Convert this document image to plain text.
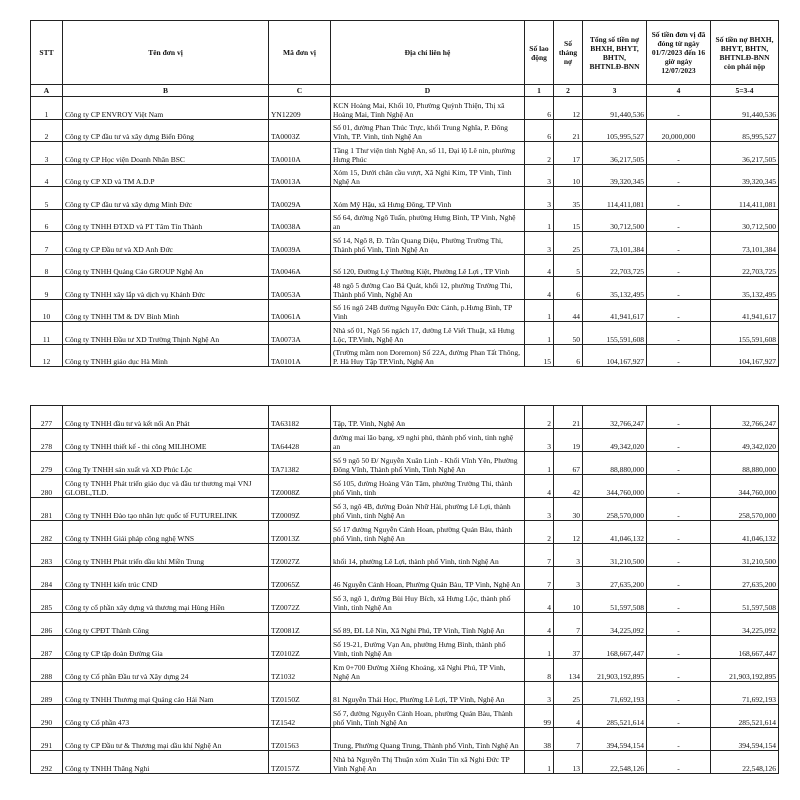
STT	Tên đơn vị	Mã đơn vị	Địa chỉ liên hệ	Số lao động	Số tháng nợ	Tổng số tiền nợ BHXH, BHYT, BHTN, BHTNLĐ-BNN	Số tiền đơn vị đã đóng từ ngày 01/7/2023 đến 16 giờ ngày 12/07/2023	Số tiền nợ BHXH, BHYT, BHTN, BHTNLĐ-BNN còn phải nộp
A	B	C	D	1	2	3	4	5=3-4
1	Công ty CP ENVROY Việt Nam	YN12209	KCN Hoàng Mai, Khối 10, Phường Quỳnh Thiện, Thị xã Hoàng Mai, Tỉnh Nghệ An	6	12	91,440,536	-	91,440,536
2	Công ty CP đầu tư và xây dựng Biển Đông	TA0003Z	Số 01, đường Phan Thúc Trực, khối Trung Nghĩa, P. Đông Vĩnh, TP. Vinh, tỉnh Nghệ An	6	21	105,995,527	20,000,000	85,995,527
3	Công ty CP Học viện Doanh Nhân BSC	TA0010A	Tầng 1 Thư viện tỉnh Nghệ An, số 11, Đại lộ Lê nin, phường Hưng Phúc	2	17	36,217,505	-	36,217,505
4	Công ty CP XD và TM A.D.P	TA0013A	Xóm 15, Dưới chân cầu vượt, Xã Nghi Kim, TP Vinh, Tỉnh Nghệ An	3	10	39,320,345	-	39,320,345
5	Công ty CP đầu tư và xây dựng Minh Đức	TA0029A	Xóm Mỹ Hậu, xã Hưng Đông, TP Vinh	3	35	114,411,081	-	114,411,081
6	Công ty TNHH ĐTXD và PT Tâm Tín Thành	TA0038A	Số 64, đường Ngô Tuấn, phường Hưng Bình, TP Vinh, Nghệ an	1	15	30,712,500	-	30,712,500
7	Công ty CP Đầu tư và XD Anh Đức	TA0039A	Số 14, Ngõ 8, Đ. Trần Quang Diệu, Phường Trường Thi, Thành phố Vinh, Tỉnh Nghệ An	3	25	73,101,384	-	73,101,384
8	Công ty TNHH Quảng Cáo GROUP Nghệ An	TA0046A	Số 120, Đường Lý Thường Kiệt, Phường Lê Lợi , TP Vinh	4	5	22,703,725	-	22,703,725
9	Công ty TNHH xây lắp và dịch vụ Khánh Đức	TA0053A	48 ngõ 5 đường Cao Bá Quát, khối 12, phường Trường Thi, Thành phố Vinh, Nghệ An	4	6	35,132,495	-	35,132,495
10	Công ty TNHH TM & DV Bình Minh	TA0061A	Số 16 ngõ 24B đường Nguyễn Đức Cảnh, p.Hưng Bình, TP Vinh	1	44	41,941,617	-	41,941,617
11	Công ty TNHH Đầu tư XD Trường Thịnh Nghệ An	TA0073A	Nhà số 01, Ngõ 56 ngách 17, đường Lê Viết Thuật, xã Hưng Lộc, TP.Vinh, Nghệ An	1	50	155,591,608	-	155,591,608
12	Công ty TNHH giáo dục Hà Minh	TA0101A	(Trường mầm non Doremon) Số 22A, đường Phan Tất Thông, P. Hà Huy Tập TP.Vinh, Nghệ An	15	6	104,167,927	-	104,167,927
277	Công ty TNHH đầu tư và kết nối An Phát	TA63182	Tập, TP. Vinh, Nghệ An	2	21	32,766,247	-	32,766,247
278	Công ty TNHH thiết kế - thi công MILIHOME	TA64428	đường mai lão bạng, x9 nghi phú, thành phố vinh, tỉnh nghệ an	3	19	49,342,020	-	49,342,020
279	Công Ty TNHH sản xuất và XD Phúc Lộc	TA71382	Số 9 ngõ 50 Đ/ Nguyễn Xuân Linh - Khối Vĩnh Yên, Phường Đông Vĩnh, Thành phố Vinh, Tỉnh Nghệ An	1	67	88,880,000	-	88,880,000
280	Công ty TNHH Phát triển giáo dục và đầu tư thương mại VNJ GLOBL,TLD.	TZ0008Z	Số 105, đường Hoàng Văn Tâm, phường Trường Thi, thành phố Vinh, tỉnh	4	42	344,760,000	-	344,760,000
281	Công ty TNHH Đào tạo nhân lực quốc tế FUTURELINK	TZ0009Z	Số 3, ngõ 4B, đường Đoàn Nhữ Hài, phường Lê Lợi, thành phố Vinh, tỉnh Nghệ An	3	30	258,570,000	-	258,570,000
282	Công ty TNHH Giải pháp công nghệ WNS	TZ0013Z	Số 17 đường Nguyễn Cảnh Hoan, phường Quán Bàu, thành phố Vinh, tỉnh Nghệ An	2	12	41,046,132	-	41,046,132
283	Công ty TNHH Phát triển dầu khí Miền Trung	TZ0027Z	khối 14, phường Lê Lợi, thành phố Vinh, tỉnh Nghệ An	7	3	31,210,500	-	31,210,500
284	Công ty TNHH kiến trúc CND	TZ0065Z	46 Nguyễn Cảnh Hoan, Phường Quán Bàu, TP Vinh, Nghệ An	7	3	27,635,200	-	27,635,200
285	Công ty cổ phần xây dựng và thương mại Hùng Hiền	TZ0072Z	Số 3, ngõ 1, đường Bùi Huy Bích, xã Hưng Lộc, thành phố Vinh, tỉnh Nghệ An	4	10	51,597,508	-	51,597,508
286	Công ty CPĐT Thành Công	TZ0081Z	Số 89, ĐL Lê Nin, Xã Nghi Phú, TP Vinh, Tỉnh Nghệ An	4	7	34,225,092	-	34,225,092
287	Công ty CP tập đoàn Đường Gia	TZ0102Z	Số 19-21, Đường Vạn An, phường Hưng Bình, thành phố Vinh, tỉnh Nghệ An	1	37	168,667,447	-	168,667,447
288	Công ty Cổ phần Đầu tư và Xây dựng 24	TZ1032	Km 0+700 Đường Xiêng Khoảng, xã Nghi Phú, TP Vinh, Nghệ An	8	134	21,903,192,895	-	21,903,192,895
289	Công ty TNHH Thương mại Quảng cáo Hải Nam	TZ0150Z	81 Nguyễn Thái Học, Phường Lê Lợi, TP Vinh, Nghệ An	3	25	71,692,193	-	71,692,193
290	Công ty Cổ phần 473	TZ1542	Số 7, đường Nguyễn Cảnh Hoan, phường Quán Bàu, Thành phố Vinh, Tỉnh Nghệ An	99	4	285,521,614	-	285,521,614
291	Công ty CP Đầu tư & Thương mại dầu khí Nghệ An	TZ01563	Trung, Phường Quang Trung, Thành phố Vinh, Tỉnh Nghệ An	38	7	394,594,154	-	394,594,154
292	Công ty TNHH Thăng Nghi	TZ0157Z	Nhà bà Nguyễn Thị Thuận xóm Xuân Tín xã Nghi Đức TP Vinh Nghệ An	1	13	22,548,126	-	22,548,126
